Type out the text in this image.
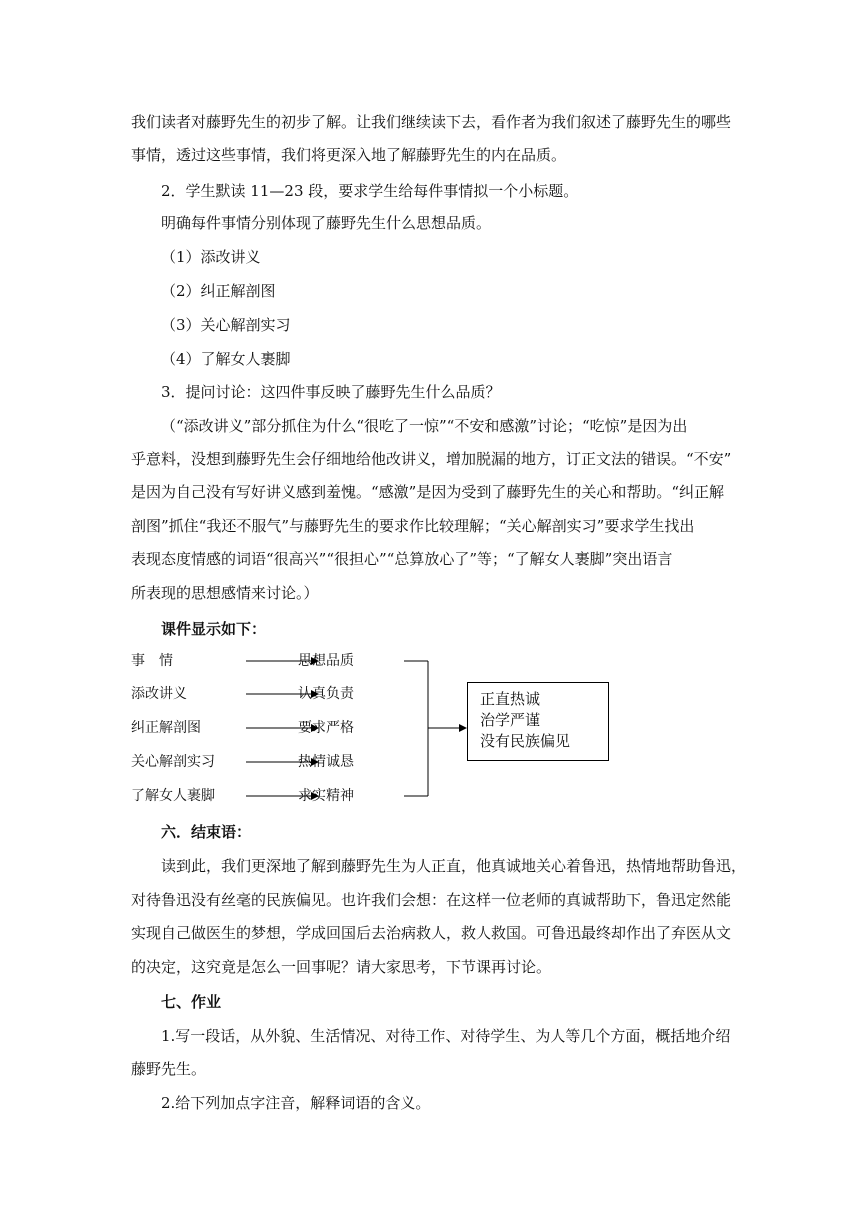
我们读者对藤野先生的初步了解。让我们继续读下去，看作者为我们叙述了藤野先生的哪些
事情，透过这些事情，我们将更深入地了解藤野先生的内在品质。
2．学生默读 11—23 段，要求学生给每件事情拟一个小标题。
明确每件事情分别体现了藤野先生什么思想品质。
（1）添改讲义
（2）纠正解剖图
（3）关心解剖实习
（4）了解女人裹脚
3．提问讨论：这四件事反映了藤野先生什么品质？
（“添改讲义”部分抓住为什么“很吃了一惊”“不安和感激”讨论；“吃惊”是因为出
乎意料，没想到藤野先生会仔细地给他改讲义，增加脱漏的地方，订正文法的错误。“不安”
是因为自己没有写好讲义感到羞愧。“感激”是因为受到了藤野先生的关心和帮助。“纠正解
剖图”抓住“我还不服气”与藤野先生的要求作比较理解；“关心解剖实习”要求学生找出
表现态度情感的词语“很高兴”“很担心”“总算放心了”等；“了解女人裹脚”突出语言
所表现的思想感情来讨论。）
课件显示如下：
事　情
添改讲义
纠正解剖图
关心解剖实习
了解女人裹脚
思想品质
认真负责
要求严格
热情诚恳
求实精神
正直热诚
治学严谨
没有民族偏见
六．结束语：
读到此，我们更深地了解到藤野先生为人正直，他真诚地关心着鲁迅，热情地帮助鲁迅，
对待鲁迅没有丝毫的民族偏见。也许我们会想：在这样一位老师的真诚帮助下，鲁迅定然能
实现自己做医生的梦想，学成回国后去治病救人，救人救国。可鲁迅最终却作出了弃医从文
的决定，这究竟是怎么一回事呢？请大家思考，下节课再讨论。
七、作业
1.写一段话，从外貌、生活情况、对待工作、对待学生、为人等几个方面，概括地介绍
藤野先生。
2.给下列加点字注音，解释词语的含义。
